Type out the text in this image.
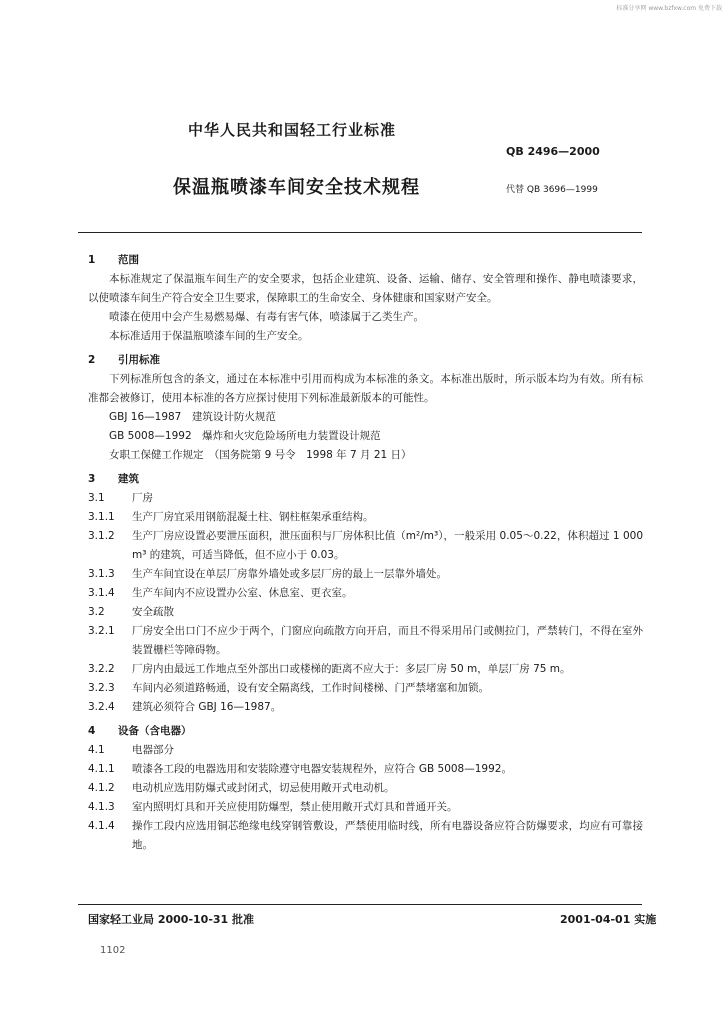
标准分享网 www.bzfxw.com 免费下载
中华人民共和国轻工行业标准
QB 2496—2000
保温瓶喷漆车间安全技术规程	代替 QB 3696—1999
1 范围
本标准规定了保温瓶车间生产的安全要求，包括企业建筑、设备、运输、储存、安全管理和操作、静电喷漆要求，以使喷漆车间生产符合安全卫生要求，保障职工的生命安全、身体健康和国家财产安全。
喷漆在使用中会产生易燃易爆、有毒有害气体，喷漆属于乙类生产。
本标准适用于保温瓶喷漆车间的生产安全。
2 引用标准
下列标准所包含的条文，通过在本标准中引用而构成为本标准的条文。本标准出版时，所示版本均为有效。所有标准都会被修订，使用本标准的各方应探讨使用下列标准最新版本的可能性。
GBJ 16—1987　建筑设计防火规范
GB 5008—1992　爆炸和火灾危险场所电力装置设计规范
女职工保健工作规定　（国务院第 9 号令　1998 年 7 月 21 日）
3 建筑
3.1	厂房
3.1.1	生产厂房宜采用钢筋混凝土柱、钢柱框架承重结构。
3.1.2	生产厂房应设置必要泄压面积，泄压面积与厂房体积比值（m²/m³），一般采用 0.05～0.22，体积超过 1 000 m³ 的建筑，可适当降低，但不应小于 0.03。
3.1.3	生产车间宜设在单层厂房靠外墙处或多层厂房的最上一层靠外墙处。
3.1.4	生产车间内不应设置办公室、休息室、更衣室。
3.2	安全疏散
3.2.1	厂房安全出口门不应少于两个，门窗应向疏散方向开启，而且不得采用吊门或侧拉门，严禁转门，不得在室外装置栅栏等障碍物。
3.2.2	厂房内由最远工作地点至外部出口或楼梯的距离不应大于：多层厂房 50 m，单层厂房 75 m。
3.2.3	车间内必须道路畅通，设有安全隔离线，工作时间楼梯、门严禁堵塞和加锁。
3.2.4	建筑必须符合 GBJ 16—1987。
4 设备（含电器）
4.1	电器部分
4.1.1	喷漆各工段的电器选用和安装除遵守电器安装规程外，应符合 GB 5008—1992。
4.1.2	电动机应选用防爆式或封闭式，切忌使用敞开式电动机。
4.1.3	室内照明灯具和开关应使用防爆型，禁止使用敞开式灯具和普通开关。
4.1.4	操作工段内应选用铜芯绝缘电线穿钢管敷设，严禁使用临时线，所有电器设备应符合防爆要求，均应有可靠接地。
国家轻工业局 2000-10-31 批准	2001-04-01 实施
1102
